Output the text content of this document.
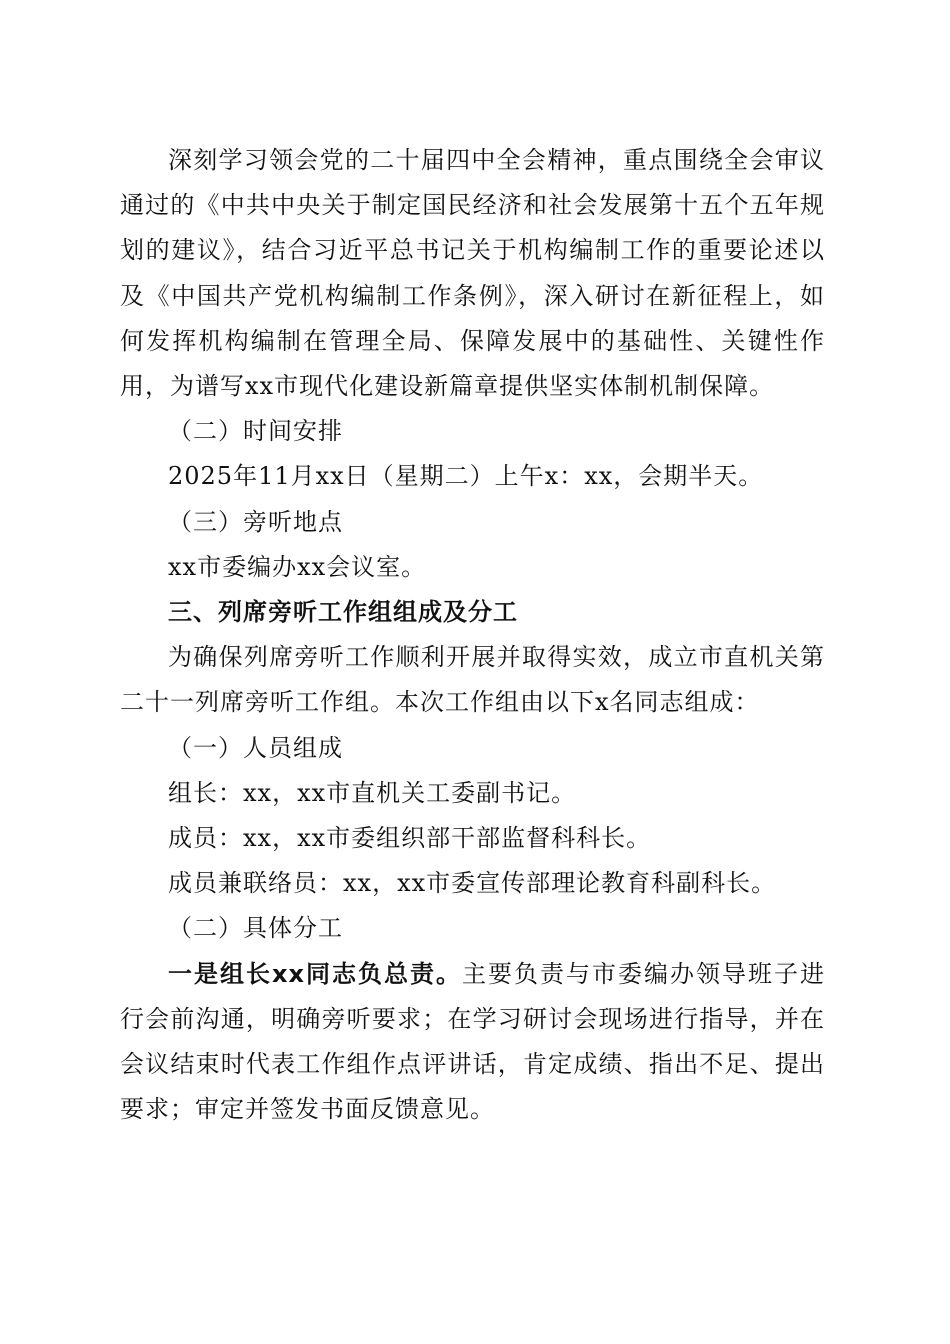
深刻学习领会党的二十届四中全会精神，重点围绕全会审议通过的《中共中央关于制定国民经济和社会发展第十五个五年规划的建议》，结合习近平总书记关于机构编制工作的重要论述以及《中国共产党机构编制工作条例》，深入研讨在新征程上，如何发挥机构编制在管理全局、保障发展中的基础性、关键性作用，为谱写xx市现代化建设新篇章提供坚实体制机制保障。

（二）时间安排

2025年11月xx日（星期二）上午x：xx，会期半天。

（三）旁听地点

xx市委编办xx会议室。

三、列席旁听工作组组成及分工

为确保列席旁听工作顺利开展并取得实效，成立市直机关第二十一列席旁听工作组。本次工作组由以下x名同志组成：

（一）人员组成

组长：xx，xx市直机关工委副书记。

成员：xx，xx市委组织部干部监督科科长。

成员兼联络员：xx，xx市委宣传部理论教育科副科长。

（二）具体分工

一是组长xx同志负总责。主要负责与市委编办领导班子进行会前沟通，明确旁听要求；在学习研讨会现场进行指导，并在会议结束时代表工作组作点评讲话，肯定成绩、指出不足、提出要求；审定并签发书面反馈意见。
